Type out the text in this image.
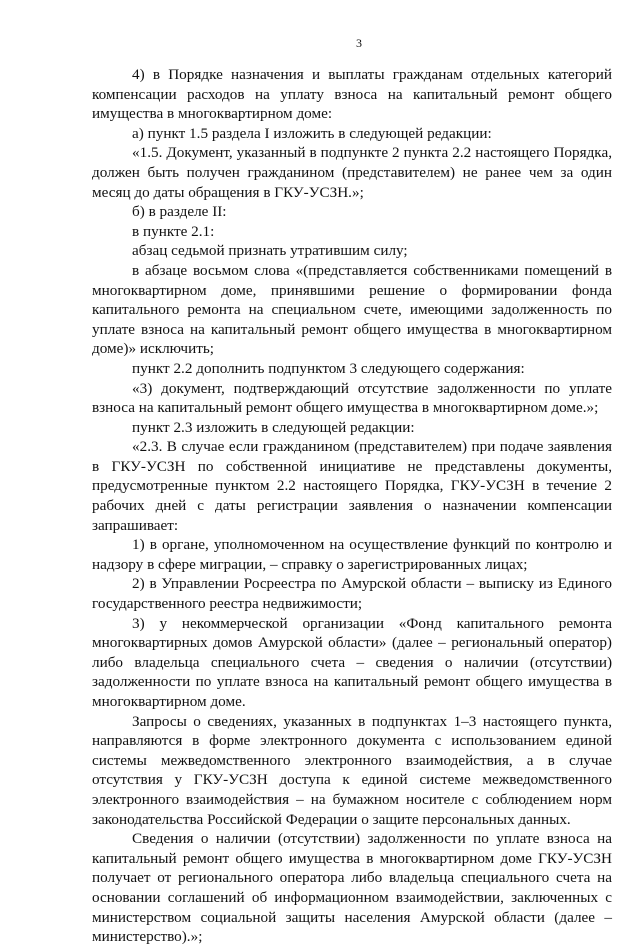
3

4) в Порядке назначения и выплаты гражданам отдельных категорий компенсации расходов на уплату взноса на капитальный ремонт общего имущества в многоквартирном доме:

а) пункт 1.5 раздела I изложить в следующей редакции:

«1.5. Документ, указанный в подпункте 2 пункта 2.2 настоящего Порядка, должен быть получен гражданином (представителем) не ранее чем за один месяц до даты обращения в ГКУ-УСЗН.»;

б) в разделе II:

в пункте 2.1:

абзац седьмой признать утратившим силу;

в абзаце восьмом слова «(представляется собственниками помещений в многоквартирном доме, принявшими решение о формировании фонда капитального ремонта на специальном счете, имеющими задолженность по уплате взноса на капитальный ремонт общего имущества в многоквартирном доме)» исключить;

пункт 2.2 дополнить подпунктом 3 следующего содержания:

«3) документ, подтверждающий отсутствие задолженности по уплате взноса на капитальный ремонт общего имущества в многоквартирном доме.»;

пункт 2.3 изложить в следующей редакции:

«2.3. В случае если гражданином (представителем) при подаче заявления в ГКУ-УСЗН по собственной инициативе не представлены документы, предусмотренные пунктом 2.2 настоящего Порядка, ГКУ-УСЗН в течение 2 рабочих дней с даты регистрации заявления о назначении компенсации запрашивает:

1) в органе, уполномоченном на осуществление функций по контролю и надзору в сфере миграции, – справку о зарегистрированных лицах;

2) в Управлении Росреестра по Амурской области – выписку из Единого государственного реестра недвижимости;

3) у некоммерческой организации «Фонд капитального ремонта многоквартирных домов Амурской области» (далее – региональный оператор) либо владельца специального счета – сведения о наличии (отсутствии) задолженности по уплате взноса на капитальный ремонт общего имущества в многоквартирном доме.

Запросы о сведениях, указанных в подпунктах 1–3 настоящего пункта, направляются в форме электронного документа с использованием единой системы межведомственного электронного взаимодействия, а в случае отсутствия у ГКУ-УСЗН доступа к единой системе межведомственного электронного взаимодействия – на бумажном носителе с соблюдением норм законодательства Российской Федерации о защите персональных данных.

Сведения о наличии (отсутствии) задолженности по уплате взноса на капитальный ремонт общего имущества в многоквартирном доме ГКУ-УСЗН получает от регионального оператора либо владельца специального счета на основании соглашений об информационном взаимодействии, заключенных с министерством социальной защиты населения Амурской области (далее – министерство).»;
